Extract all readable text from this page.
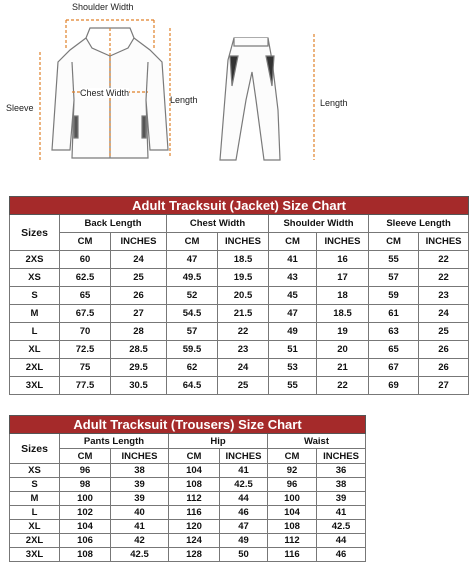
Shoulder Width
Chest Width
Sleeve
Length	Length
Adult Tracksuit (Jacket) Size Chart								
Sizes	Back Length		Chest Width		Shoulder Width		Sleeve Length	
	CM	INCHES	CM	INCHES	CM	INCHES	CM	INCHES
2XS	60	24	47	18.5	41	16	55	22
XS	62.5	25	49.5	19.5	43	17	57	22
S	65	26	52	20.5	45	18	59	23
M	67.5	27	54.5	21.5	47	18.5	61	24
L	70	28	57	22	49	19	63	25
XL	72.5	28.5	59.5	23	51	20	65	26
2XL	75	29.5	62	24	53	21	67	26
3XL	77.5	30.5	64.5	25	55	22	69	27
Adult Tracksuit (Trousers) Size Chart						
Sizes	Pants Length		Hip		Waist	
	CM	INCHES	CM	INCHES	CM	INCHES
XS	96	38	104	41	92	36
S	98	39	108	42.5	96	38
M	100	39	112	44	100	39
L	102	40	116	46	104	41
XL	104	41	120	47	108	42.5
2XL	106	42	124	49	112	44
3XL	108	42.5	128	50	116	46
